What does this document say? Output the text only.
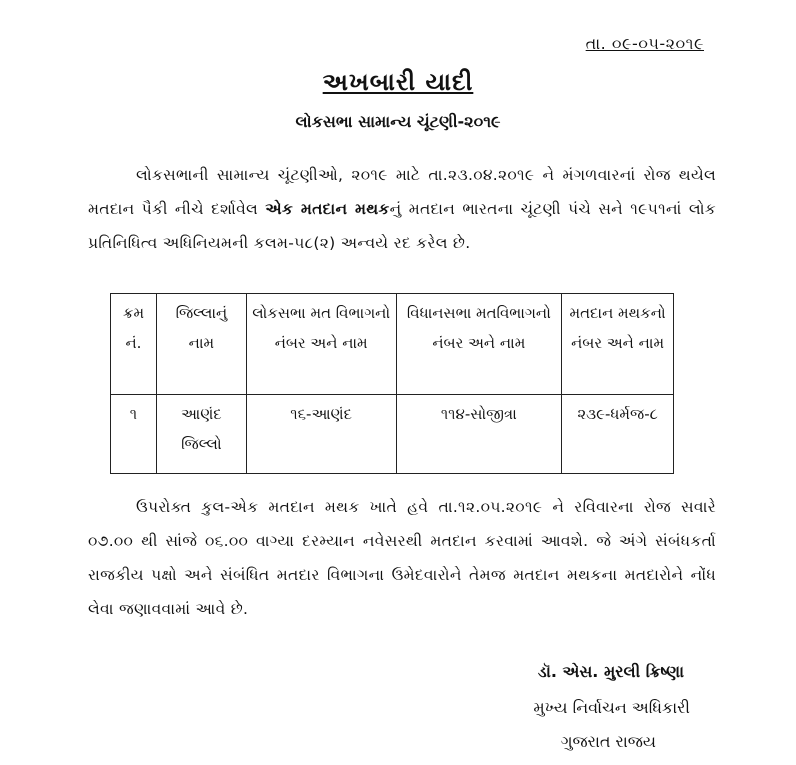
તા. ૦૯-૦૫-૨૦૧૯
અખબારી યાદી
લોકસભા સામાન્ય ચૂંટણી-૨૦૧૯
લોકસભાની સામાન્ય ચૂંટણીઓ, ૨૦૧૯ માટે તા.૨૩.૦૪.૨૦૧૯ ને મંગળવારનાં રોજ થયેલ મતદાન પૈકી નીચે દર્શાવેલ એક મતદાન મથકનું મતદાન ભારતના ચૂંટણી પંચે સને ૧૯૫૧નાં લોક પ્રતિનિધિત્વ અધિનિયમની કલમ-૫૮(૨) અન્વયે રદ કરેલ છે.
ક્રમ નં.	જિલ્લાનું નામ	લોકસભા મત વિભાગનો નંબર અને નામ	વિધાનસભા મતવિભાગનો નંબર અને નામ	મતદાન મથકનો નંબર અને નામ
૧	આણંદ જિલ્લો	૧૬-આણંદ	૧૧૪-સોજીત્રા	૨૩૯-ધર્મજ-૮
ઉપરોક્ત કુલ-એક મતદાન મથક ખાતે હવે તા.૧૨.૦૫.૨૦૧૯ ને રવિવારના રોજ સવારે ૦૭.૦૦ થી સાંજે ૦૬.૦૦ વાગ્યા દરમ્યાન નવેસરથી મતદાન કરવામાં આવશે. જે અંગે સંબંધકર્તા રાજકીય પક્ષો અને સંબંધિત મતદાર વિભાગના ઉમેદવારોને તેમજ મતદાન મથકના મતદારોને નોંધ લેવા જણાવવામાં આવે છે.
ડૉ. એસ. મુરલી ક્રિષ્ણા
મુખ્ય નિર્વાચન અધિકારી
ગુજરાત રાજય
